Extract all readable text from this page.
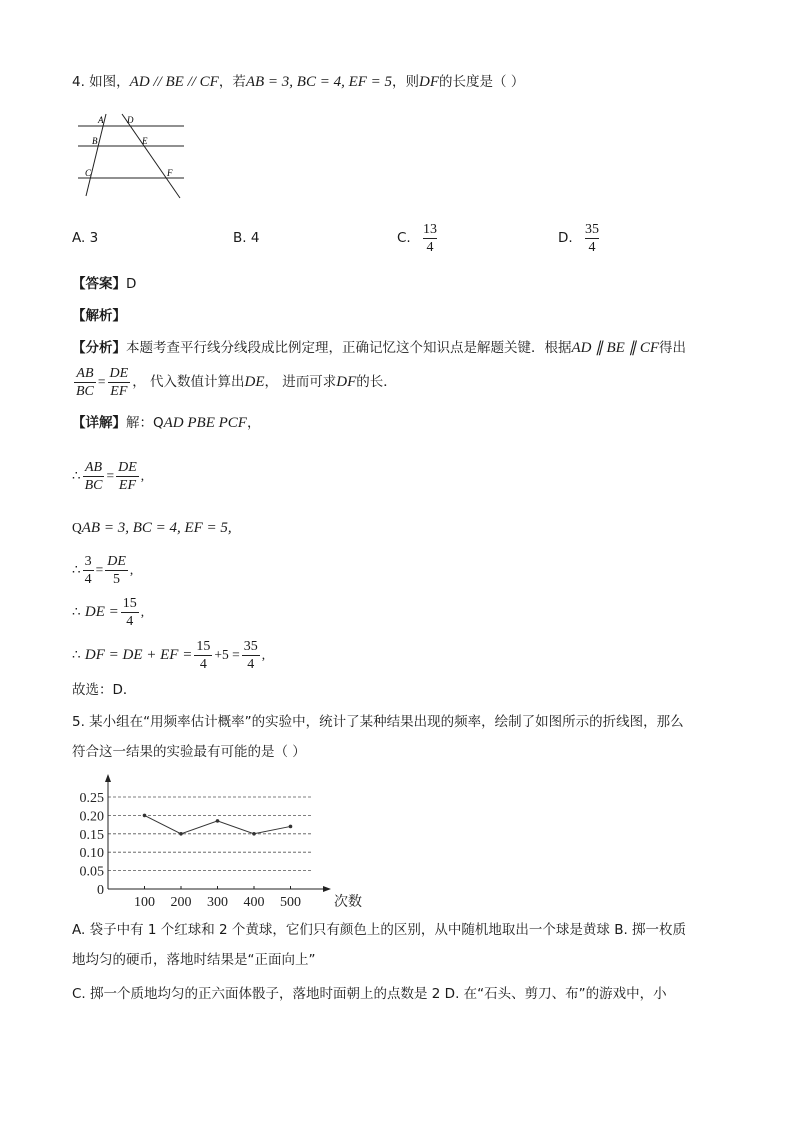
4. 如图，AD // BE // CF，若AB = 3, BC = 4, EF = 5，则DF的长度是（ ）
A	D
B	E
C	F
A. 3	B. 4	C. $\frac{13}{4}$	D. $\frac{35}{4}$
【答案】D
【解析】
【分析】本题考查平行线分线段成比例定理，正确记忆这个知识点是解题关键．根据AD ∥ BE ∥ CF得出
$\frac{AB}{BC} = \frac{DE}{EF}$ ， 代入数值计算出DE， 进而可求DF的长．
【详解】解：QAD PBE PCF，
∴ $\frac{AB}{BC} = \frac{DE}{EF}$ ,
QAB = 3, BC = 4, EF = 5,
∴ $\frac{3}{4} = \frac{DE}{5}$ ,
∴ DE = $\frac{15}{4}$ ,
∴ DF = DE + EF = $\frac{15}{4} +5 = \frac{35}{4}$ ,
故选：D．
5. 某小组在“用频率估计概率”的实验中，统计了某种结果出现的频率，绘制了如图所示的折线图，那么
符合这一结果的实验最有可能的是（ ）
0
0.05
0.10
0.15
0.20
0.25
100 200 300 400 500 次数
A. 袋子中有 1 个红球和 2 个黄球，它们只有颜色上的区别，从中随机地取出一个球是黄球 B. 掷一枚质
地均匀的硬币，落地时结果是“正面向上”
C. 掷一个质地均匀的正六面体骰子，落地时面朝上的点数是 2 D. 在“石头、剪刀、布”的游戏中，小
